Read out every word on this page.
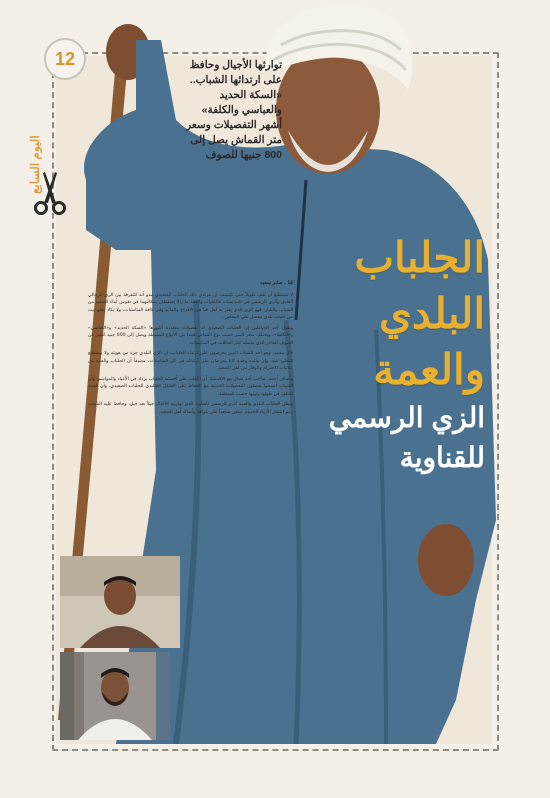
12
اليوم السابع
توارثها الأجيال وحافظ
على ارتدائها الشباب..
«السكة الحديد
والعباسي والكلفة»
أشهر التفصيلات وسعر
متر القماش يصل إلى
800 جنيها للصوف

الجلباب

البلدي

والعمة

الزي الرسمي

للقناوية

قنا ـ صابر سعيد

لا تستطيع أن تقف طويلاً حتى تكتشف أن مرتدي ذلك الجلباب الصعيدي يبدو أنه للتفرقة بين الزي الرجالي العادي والزي الرسمي في المناسبات فالجلباب والعمة ما زالا يحتفظان بمكانتهما في نفوس أبناء الصعيد من الشباب والكبار، فهو الزي الذي يعتز به أهل قنا في الأفراح والمآتم وفي كافة المناسبات، ولا يكاد يخلو بيت من جلباب بلدي مفصل على المقاس.

ويقول أحد الخياطين إن الجلباب الصعيدي له تفصيلات متعددة أشهرها «السكة الحديد» و«العباسي» و«الكلفة»، ويختلف سعر المتر حسب نوع القماش فيبدأ من الأنواع البسيطة ويصل إلى 800 جنيه للمتر من الصوف الفاخر الذي يفضله كبار العائلات في المناسبات.

قال محمد، وهو أحد الشباب الذين يحرصون على ارتداء الجلباب، إن الزي البلدي جزء من هويته ولا يستطيع التخلي عنه، وإن والده وجده كانا يحرصان على ارتدائه في كل المناسبات، مضيفاً أن الجلباب والعمة من علامات الاحترام والوقار بين أهل الصعيد.

وأضاف أحمد، صاحب أحد محال بيع الأقمشة، أن الطلب على أقمشة الجلباب يزداد في الأعياد والمواسم، وأن الشباب أصبحوا يفضلون التفصيلات الحديثة مع الحفاظ على الشكل التقليدي للجلباب الصعيدي، وأن العمة تختلف في طولها ولونها حسب المنطقة.

ويظل الجلباب البلدي والعمة الزي الرسمي للقناوية الذي توارثته الأجيال جيلاً بعد جيل، وحافظ عليه الشباب رغم انتشار الأزياء الحديثة، ليبقى شاهداً على عراقة وأصالة أهل الصعيد.
